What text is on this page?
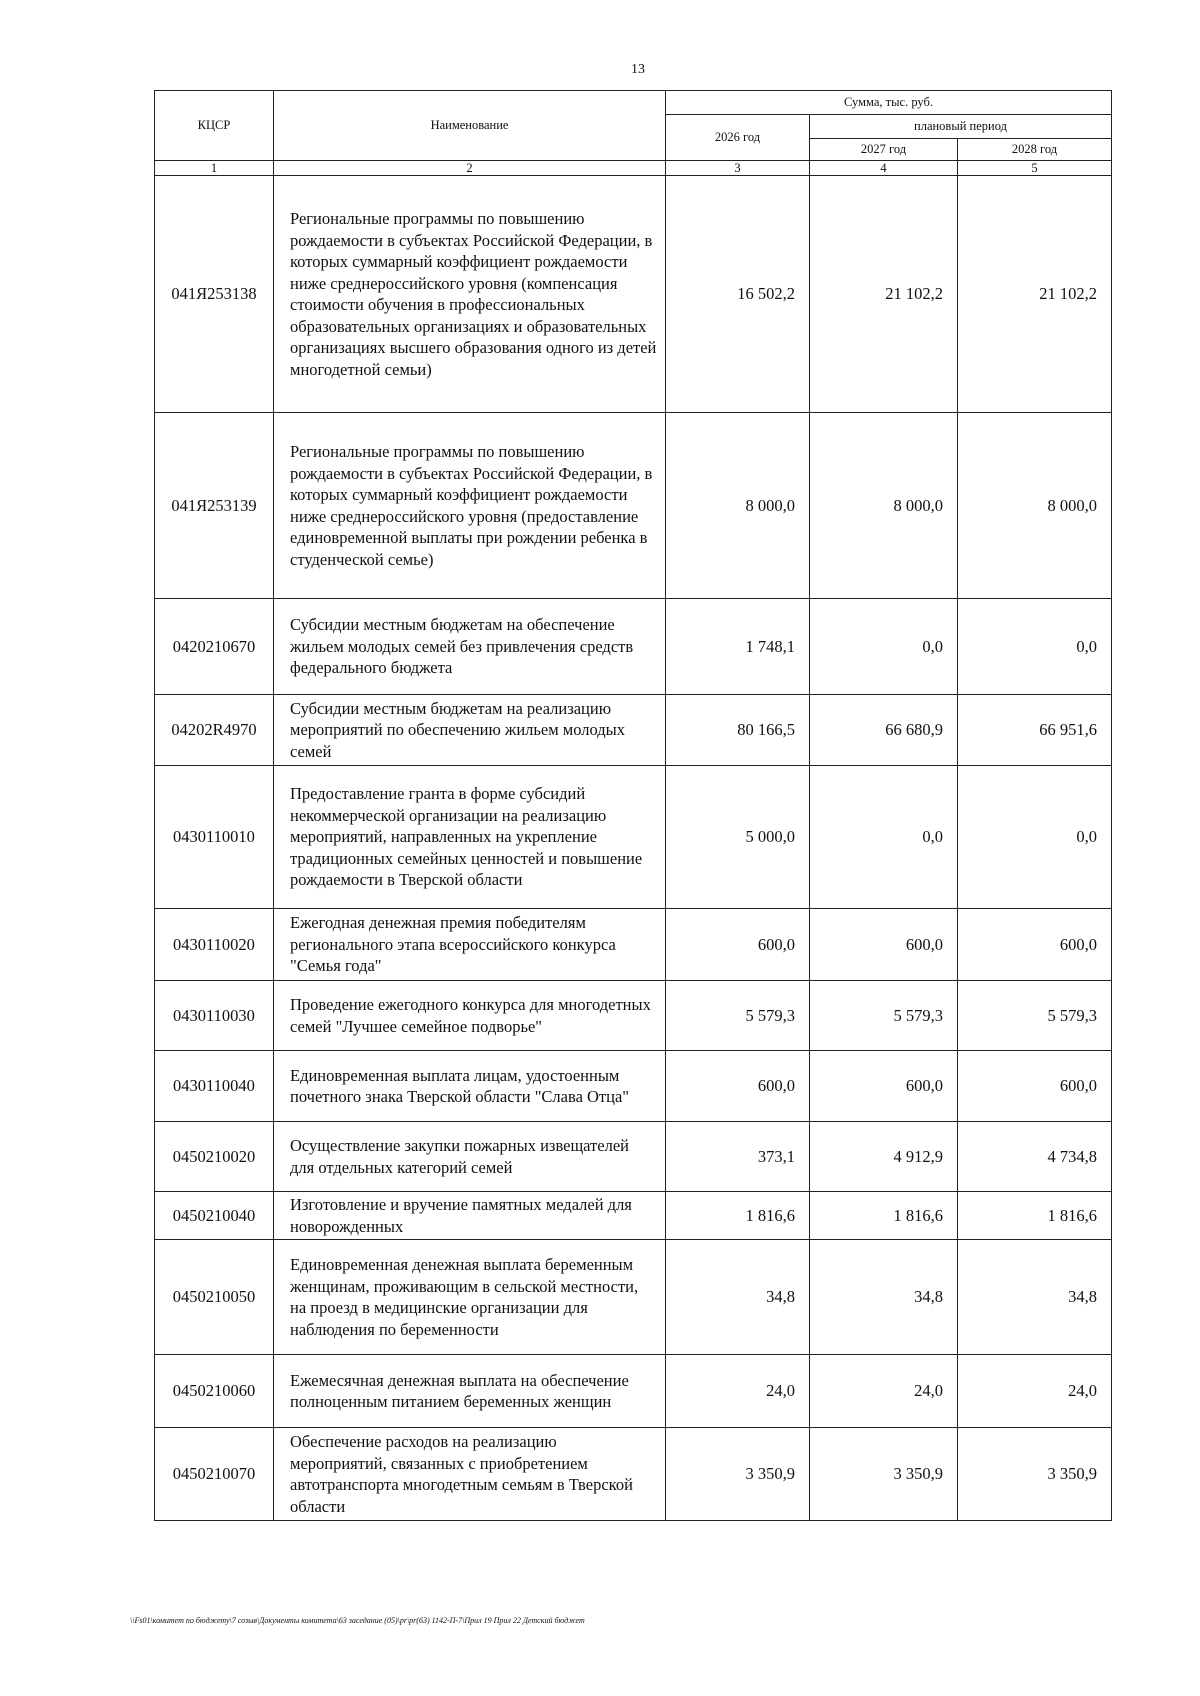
13
КЦСР	Наименование	Сумма, тыс. руб.		
		2026 год	плановый период	
			2027 год	2028 год
1	2	3	4	5
041Я253138	Региональные программы по повышению рождаемости в субъектах Российской Федерации, в которых суммарный коэффициент рождаемости ниже среднероссийского уровня (компенсация стоимости обучения в профессиональных образовательных организациях и образовательных организациях высшего образования одного из детей многодетной семьи)	16 502,2	21 102,2	21 102,2
041Я253139	Региональные программы по повышению рождаемости в субъектах Российской Федерации, в которых суммарный коэффициент рождаемости ниже среднероссийского уровня (предоставление единовременной выплаты при рождении ребенка в студенческой семье)	8 000,0	8 000,0	8 000,0
0420210670	Субсидии местным бюджетам на обеспечение жильем молодых семей без привлечения средств федерального бюджета	1 748,1	0,0	0,0
04202R4970	Субсидии местным бюджетам на реализацию мероприятий по обеспечению жильем молодых семей	80 166,5	66 680,9	66 951,6
0430110010	Предоставление гранта в форме субсидий некоммерческой организации на реализацию мероприятий, направленных на укрепление традиционных семейных ценностей и повышение рождаемости в Тверской области	5 000,0	0,0	0,0
0430110020	Ежегодная денежная премия победителям регионального этапа всероссийского конкурса "Семья года"	600,0	600,0	600,0
0430110030	Проведение ежегодного конкурса для многодетных семей "Лучшее семейное подворье"	5 579,3	5 579,3	5 579,3
0430110040	Единовременная выплата лицам, удостоенным почетного знака Тверской области "Слава Отца"	600,0	600,0	600,0
0450210020	Осуществление закупки пожарных извещателей для отдельных категорий семей	373,1	4 912,9	4 734,8
0450210040	Изготовление и вручение памятных медалей для новорожденных	1 816,6	1 816,6	1 816,6
0450210050	Единовременная денежная выплата беременным женщинам, проживающим в сельской местности, на проезд в медицинские организации для наблюдения по беременности	34,8	34,8	34,8
0450210060	Ежемесячная денежная выплата на обеспечение полноценным питанием беременных женщин	24,0	24,0	24,0
0450210070	Обеспечение расходов на реализацию мероприятий, связанных с приобретением автотранспорта многодетным семьям в Тверской области	3 350,9	3 350,9	3 350,9
\\Fs01\комитет по бюджету\7 созыв\Документы комитета\63 заседание (05)\pr\pr(63) 1142-П-7\Прил 19 Прил 22 Детский бюджет
